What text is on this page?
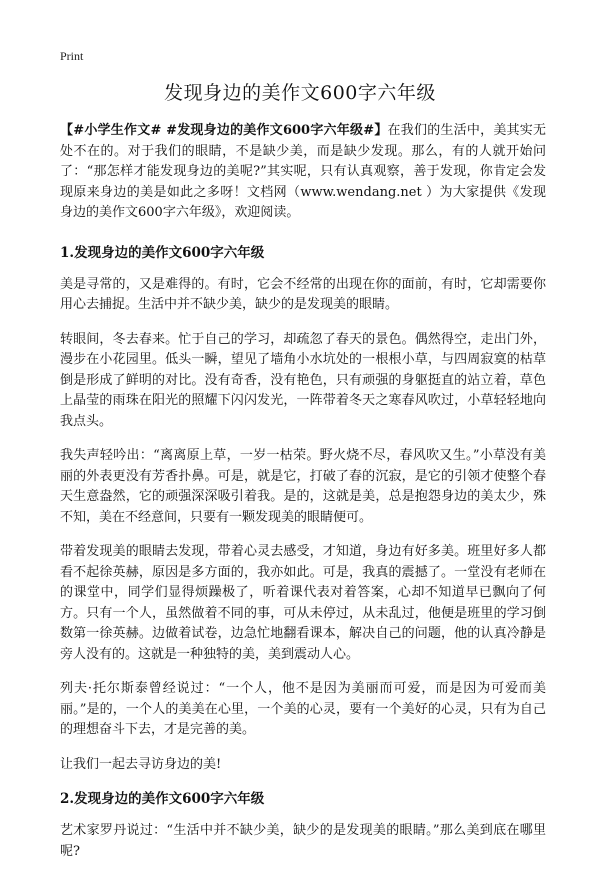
Print
发现身边的美作文600字六年级

【#小学生作文# #发现身边的美作文600字六年级#】在我们的生活中，美其实无处不在的。对于我们的眼睛，不是缺少美，而是缺少发现。那么，有的人就开始问了：“那怎样才能发现身边的美呢?”其实呢，只有认真观察，善于发现，你肯定会发现原来身边的美是如此之多呀！文档网（www.wendang.net ）为大家提供《发现身边的美作文600字六年级》，欢迎阅读。

1.发现身边的美作文600字六年级

美是寻常的，又是难得的。有时，它会不经常的出现在你的面前，有时，它却需要你用心去捕捉。生活中并不缺少美，缺少的是发现美的眼睛。

转眼间，冬去春来。忙于自己的学习，却疏忽了春天的景色。偶然得空，走出门外，漫步在小花园里。低头一瞬，望见了墙角小水坑处的一根根小草，与四周寂寞的枯草倒是形成了鲜明的对比。没有奇香，没有艳色，只有顽强的身躯挺直的站立着，草色上晶莹的雨珠在阳光的照耀下闪闪发光，一阵带着冬天之寒春风吹过，小草轻轻地向我点头。

我失声轻吟出：“离离原上草，一岁一枯荣。野火烧不尽，春风吹又生。”小草没有美丽的外表更没有芳香扑鼻。可是，就是它，打破了春的沉寂，是它的引领才使整个春天生意盎然，它的顽强深深吸引着我。是的，这就是美，总是抱怨身边的美太少，殊不知，美在不经意间，只要有一颗发现美的眼睛便可。

带着发现美的眼睛去发现，带着心灵去感受，才知道，身边有好多美。班里好多人都看不起徐英赫，原因是多方面的，我亦如此。可是，我真的震撼了。一堂没有老师在的课堂中，同学们显得烦躁极了，听着课代表对着答案，心却不知道早已飘向了何方。只有一个人，虽然做着不同的事，可从未停过，从未乱过，他便是班里的学习倒数第一徐英赫。边做着试卷，边急忙地翻看课本，解决自己的问题，他的认真冷静是旁人没有的。这就是一种独特的美，美到震动人心。

列夫·托尔斯泰曾经说过：“一个人，他不是因为美丽而可爱，而是因为可爱而美丽。”是的，一个人的美美在心里，一个美的心灵，要有一个美好的心灵，只有为自己的理想奋斗下去，才是完善的美。

让我们一起去寻访身边的美!

2.发现身边的美作文600字六年级

艺术家罗丹说过：“生活中并不缺少美，缺少的是发现美的眼睛。”那么美到底在哪里呢?
